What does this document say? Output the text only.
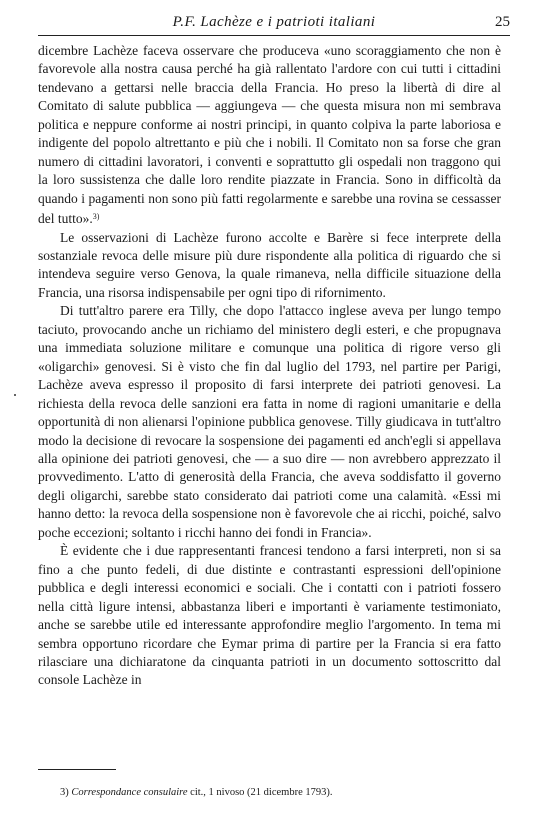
P.F. Lachèze e i patrioti italiani	25

dicembre Lachèze faceva osservare che produceva «uno scoraggiamento che non è favorevole alla nostra causa perché ha già rallentato l'ardore con cui tutti i cittadini tendevano a gettarsi nelle braccia della Francia. Ho preso la libertà di dire al Comitato di salute pubblica — aggiungeva — che questa misura non mi sembrava politica e neppure conforme ai nostri principi, in quanto colpiva la parte laboriosa e indigente del popolo altrettanto e più che i nobili. Il Comitato non sa forse che gran numero di cittadini lavoratori, i conventi e soprattutto gli ospedali non traggono qui la loro sussistenza che dalle loro rendite piazzate in Francia. Sono in difficoltà da quando i pagamenti non sono più fatti regolarmente e sarebbe una rovina se cessasser del tutto».$^{3)}$

Le osservazioni di Lachèze furono accolte e Barère si fece interprete della sostanziale revoca delle misure più dure rispondente alla politica di riguardo che si intendeva seguire verso Genova, la quale rimaneva, nella difficile situazione della Francia, una risorsa indispensabile per ogni tipo di rifornimento.

Di tutt'altro parere era Tilly, che dopo l'attacco inglese aveva per lungo tempo taciuto, provocando anche un richiamo del ministero degli esteri, e che propugnava una immediata soluzione militare e comunque una politica di rigore verso gli «oligarchi» genovesi. Si è visto che fin dal luglio del 1793, nel partire per Parigi, Lachèze aveva espresso il proposito di farsi interprete dei patrioti genovesi. La richiesta della revoca delle sanzioni era fatta in nome di ragioni umanitarie e della opportunità di non alienarsi l'opinione pubblica genovese. Tilly giudicava in tutt'altro modo la decisione di revocare la sospensione dei pagamenti ed anch'egli si appellava alla opinione dei patrioti genovesi, che — a suo dire — non avrebbero apprezzato il provvedimento. L'atto di generosità della Francia, che aveva soddisfatto il governo degli oligarchi, sarebbe stato considerato dai patrioti come una calamità. «Essi mi hanno detto: la revoca della sospensione non è favorevole che ai ricchi, poiché, salvo poche eccezioni; soltanto i ricchi hanno dei fondi in Francia».

È evidente che i due rappresentanti francesi tendono a farsi interpreti, non si sa fino a che punto fedeli, di due distinte e contrastanti espressioni dell'opinione pubblica e degli interessi economici e sociali. Che i contatti con i patrioti fossero nella città ligure intensi, abbastanza liberi e importanti è variamente testimoniato, anche se sarebbe utile ed interessante approfondire meglio l'argomento. In tema mi sembra opportuno ricordare che Eymar prima di partire per la Francia si era fatto rilasciare una dichiaratone da cinquanta patrioti in un documento sottoscritto dal console Lachèze in

3) Correspondance consulaire cit., 1 nivoso (21 dicembre 1793).
